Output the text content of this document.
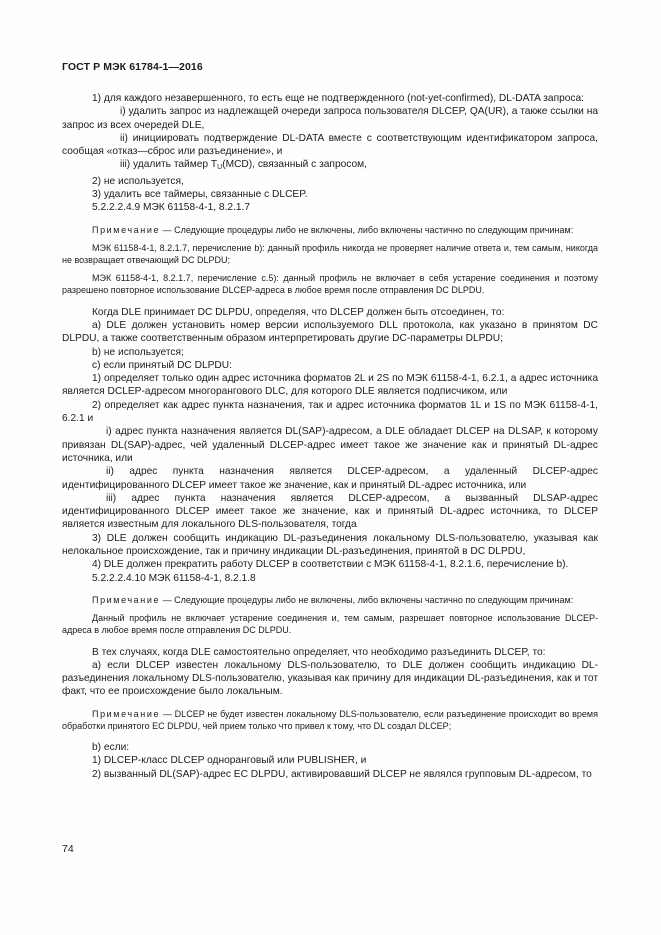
ГОСТ Р МЭК 61784-1—2016

1) для каждого незавершенного, то есть еще не подтвержденного (not-yet-confirmed), DL-DATA запроса:

i) удалить запрос из надлежащей очереди запроса пользователя DLCEP, QA(UR), а также ссылки на запрос из всех очередей DLE,

ii) инициировать подтверждение DL-DATA вместе с соответствующим идентификатором запроса, сообщая «отказ—сброс или разъединение», и

iii) удалить таймер $T_U(MCD)$, связанный с запросом,

2) не используется,

3) удалить все таймеры, связанные с DLCEP.

5.2.2.2.4.9 МЭК 61158-4-1, 8.2.1.7

Примечание — Следующие процедуры либо не включены, либо включены частично по следующим причинам:

МЭК 61158-4-1, 8.2.1.7, перечисление b): данный профиль никогда не проверяет наличие ответа и, тем самым, никогда не возвращает отвечающий DC DLPDU;

МЭК 61158-4-1, 8.2.1.7, перечисление c.5): данный профиль не включает в себя устарение соединения и поэтому разрешено повторное использование DLCEP-адреса в любое время после отправления DC DLPDU.

Когда DLE принимает DC DLPDU, определяя, что DLCEP должен быть отсоединен, то:

а) DLE должен установить номер версии используемого DLL протокола, как указано в принятом DC DLPDU, а также соответственным образом интерпретировать другие DC-параметры DLPDU;

b) не используется;

с) если принятый DC DLPDU:

1) определяет только один адрес источника форматов 2L и 2S по МЭК 61158-4-1, 6.2.1, а адрес источника является DCLEP-адресом многорангового DLC, для которого DLE является подписчиком, или

2) определяет как адрес пункта назначения, так и адрес источника форматов 1L и 1S по МЭК 61158-4-1, 6.2.1 и

i) адрес пункта назначения является DL(SAP)-адресом, а DLE обладает DLCEP на DLSAP, к которому привязан DL(SAP)-адрес, чей удаленный DLCEP-адрес имеет такое же значение как и принятый DL-адрес источника, или

ii) адрес пункта назначения является DLCEP-адресом, а удаленный DLCEP-адрес идентифицированного DLCEP имеет такое же значение, как и принятый DL-адрес источника, или

iii) адрес пункта назначения является DLCEP-адресом, а вызванный DLSAP-адрес идентифицированного DLCEP имеет такое же значение, как и принятый DL-адрес источника, то DLCEP является известным для локального DLS-пользователя, тогда

3) DLE должен сообщить индикацию DL-разъединения локальному DLS-пользователю, указывая как нелокальное происхождение, так и причину индикации DL-разъединения, принятой в DC DLPDU,

4) DLE должен прекратить работу DLCEP в соответствии с МЭК 61158-4-1, 8.2.1.6, перечисление b).

5.2.2.2.4.10 МЭК 61158-4-1, 8.2.1.8

Примечание — Следующие процедуры либо не включены, либо включены частично по следующим причинам:

Данный профиль не включает устарение соединения и, тем самым, разрешает повторное использование DLCEP-адреса в любое время после отправления DC DLPDU.

В тех случаях, когда DLE самостоятельно определяет, что необходимо разъединить DLCEP, то:

а) если DLCEP известен локальному DLS-пользователю, то DLE должен сообщить индикацию DL-разъединения локальному DLS-пользователю, указывая как причину для индикации DL-разъединения, как и тот факт, что ее происхождение было локальным.

Примечание — DLCEP не будет известен локальному DLS-пользователю, если разъединение происходит во время обработки принятого EC DLPDU, чей прием только что привел к тому, что DL создал DLCEP;

b) если:

1) DLCEP-класс DLCEP одноранговый или PUBLISHER, и

2) вызванный DL(SAP)-адрес EC DLPDU, активировавший DLCEP не являлся групповым DL-адресом, то

74
